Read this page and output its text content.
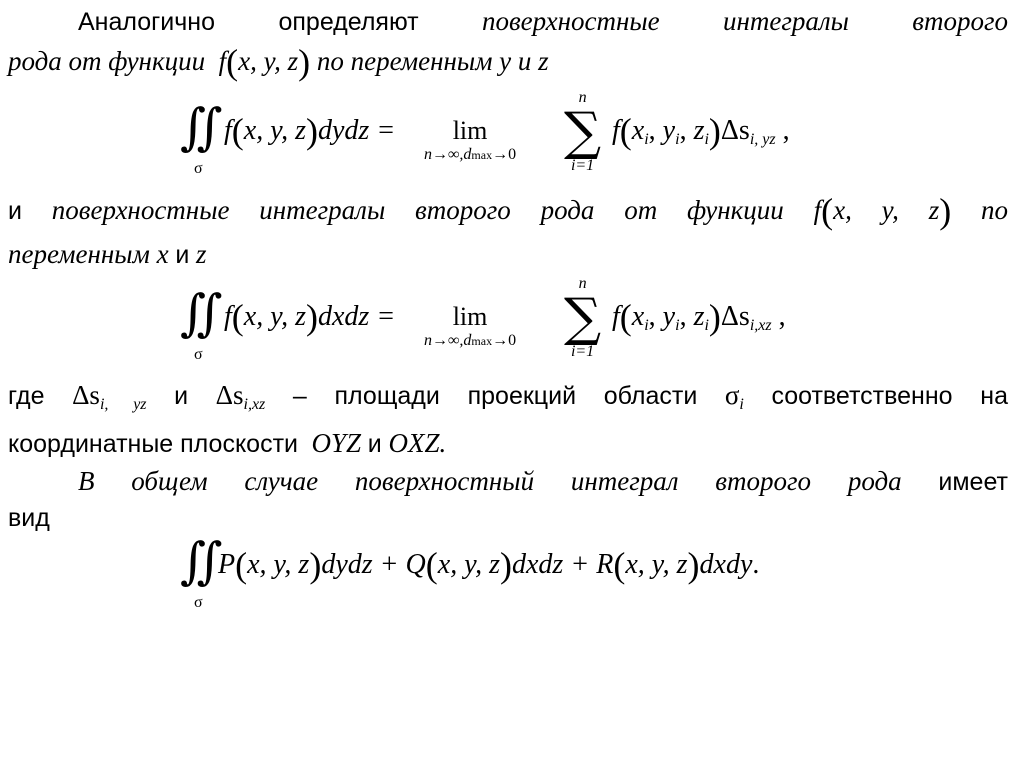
Аналогично определяют поверхностные интегралы второго
рода от функции f(x, y, z) по переменным у и z
∬
σ
f(x, y, z)dydz =	lim
n→∞,dmax→0
n
∑
i=1
$f(x_i$, $y_i$, $z_i)\Delta s_{i, yz}$ ,
и поверхностные интегралы второго рода от функции f(x, y, z) по
переменным x и z
∬
σ
f(x, y, z)dxdz =	lim
n→∞,dmax→0
n
∑
i=1
$f(x_i$, $y_i$, $z_i)\Delta s_{i,xz}$ ,
где $\Delta s_{i, yz}$ и $\Delta s_{i,xz}$ – площади проекций области $\sigma_i$ соответственно на
координатные плоскости OYZ и OXZ.
В общем случае поверхностный интеграл второго рода имеет
вид
∬
σ
P(x, y, z)dydz + Q(x, y, z)dxdz + R(x, y, z)dxdy.
